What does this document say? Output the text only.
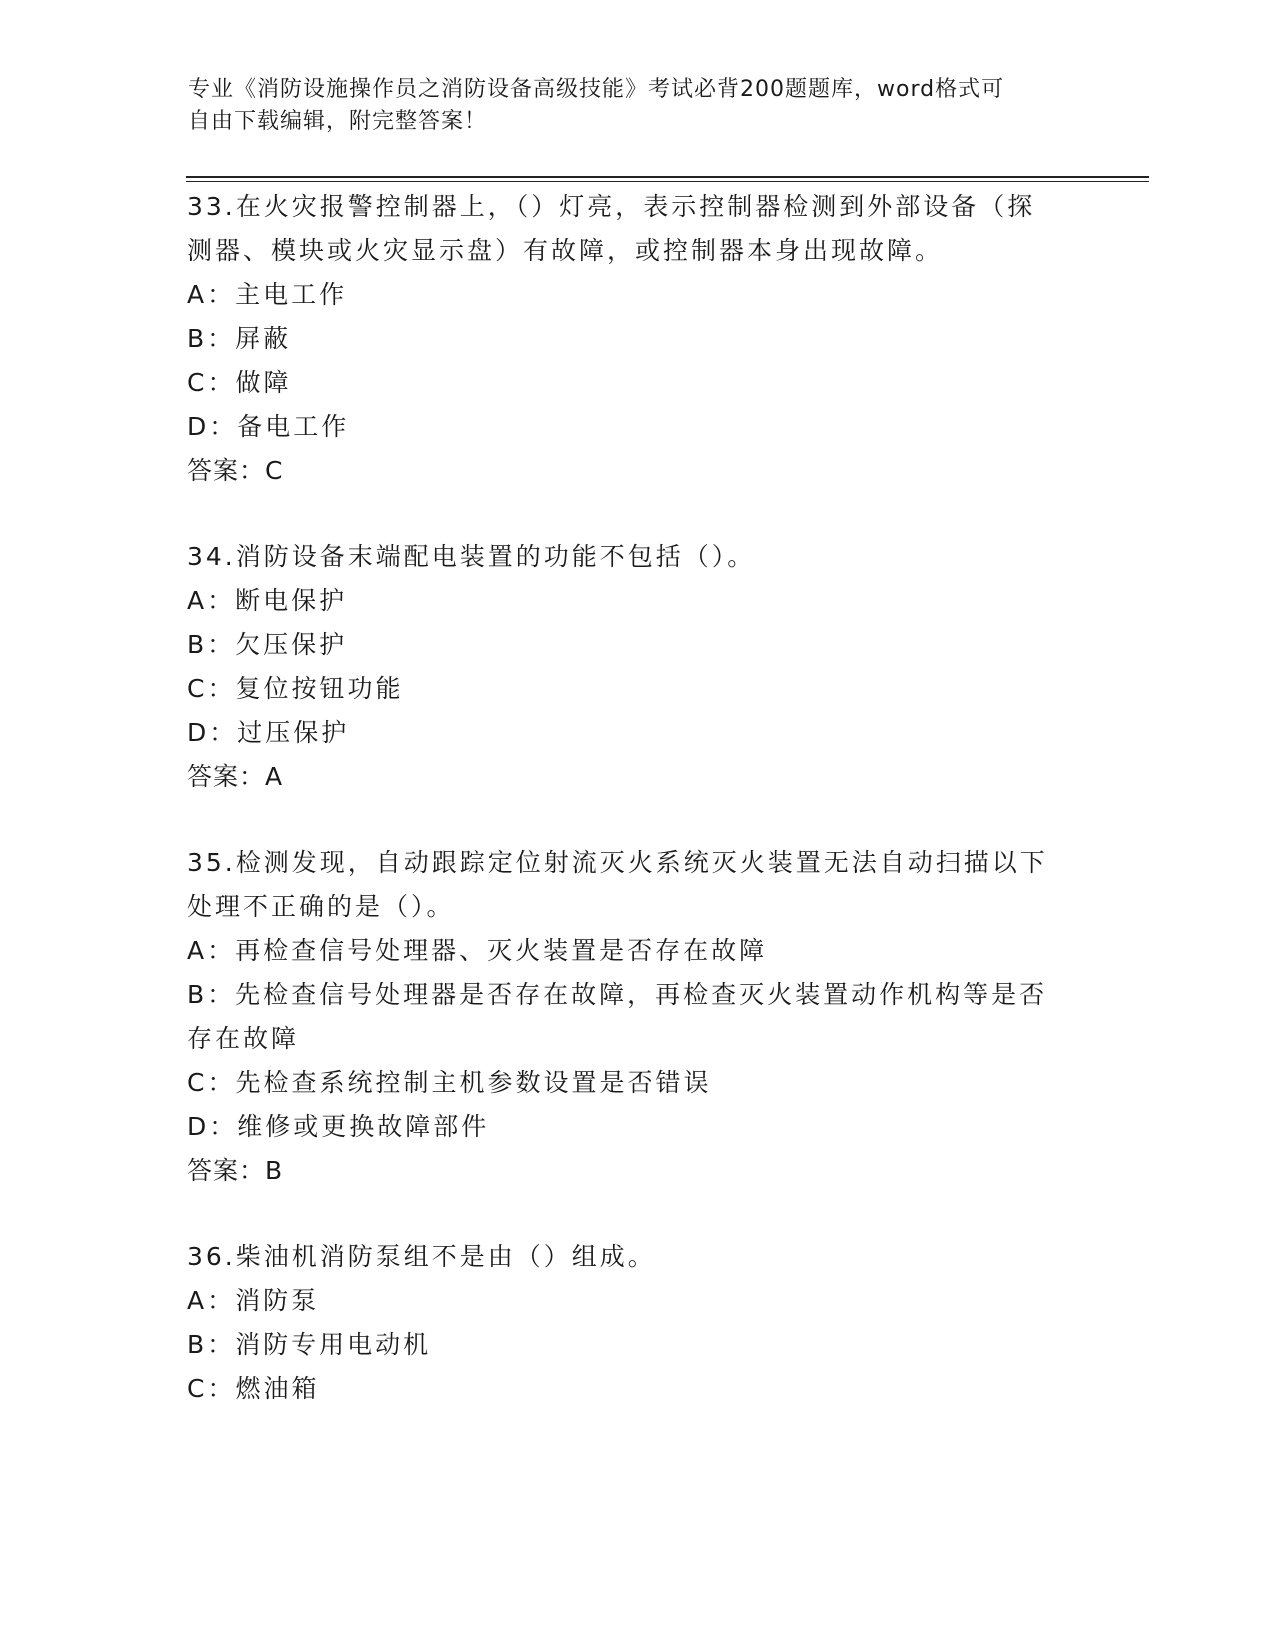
专业《消防设施操作员之消防设备高级技能》考试必背200题题库，word格式可
自由下载编辑，附完整答案！
33.在火灾报警控制器上，（）灯亮，表示控制器检测到外部设备（探
测器、模块或火灾显示盘）有故障，或控制器本身出现故障。
A：主电工作
B：屏蔽
C：做障
D：备电工作
答案：C
34.消防设备末端配电装置的功能不包括（）。
A：断电保护
B：欠压保护
C：复位按钮功能
D：过压保护
答案：A
35.检测发现，自动跟踪定位射流灭火系统灭火装置无法自动扫描以下
处理不正确的是（）。
A：再检查信号处理器、灭火装置是否存在故障
B：先检查信号处理器是否存在故障，再检查灭火装置动作机构等是否
存在故障
C：先检查系统控制主机参数设置是否错误
D：维修或更换故障部件
答案：B
36.柴油机消防泵组不是由（）组成。
A：消防泵
B：消防专用电动机
C：燃油箱
